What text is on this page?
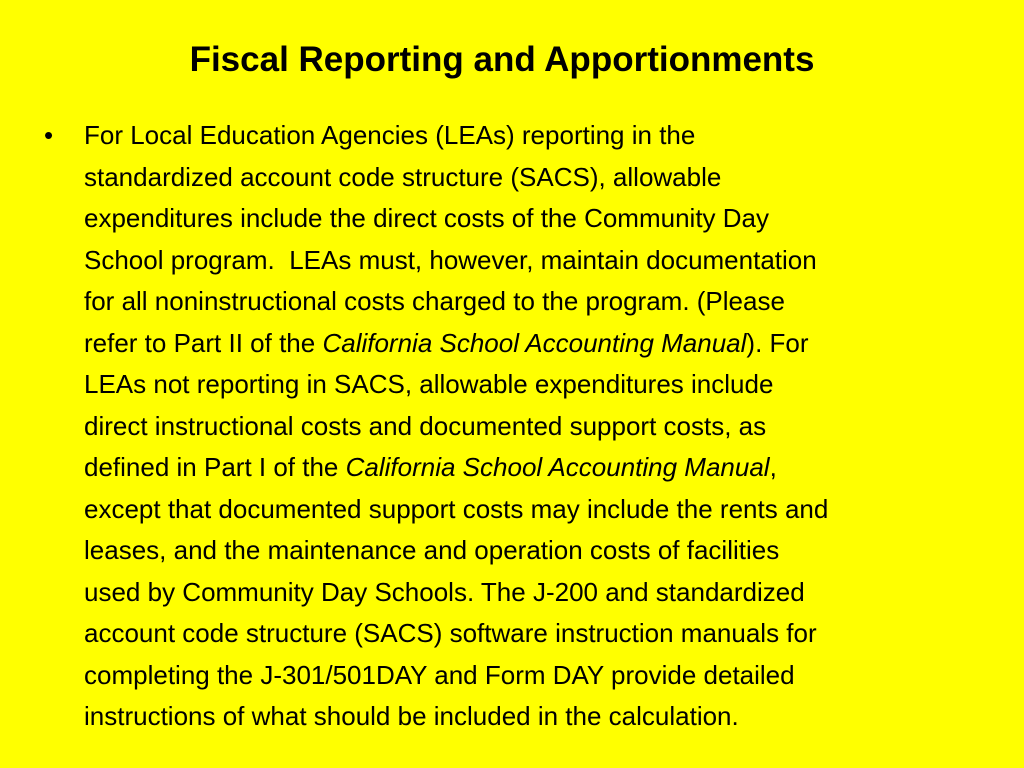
Fiscal Reporting and Apportionments
• For Local Education Agencies (LEAs) reporting in the
standardized account code structure (SACS), allowable
expenditures include the direct costs of the Community Day
School program.  LEAs must, however, maintain documentation
for all noninstructional costs charged to the program. (Please
refer to Part II of the California School Accounting Manual). For
LEAs not reporting in SACS, allowable expenditures include
direct instructional costs and documented support costs, as
defined in Part I of the California School Accounting Manual,
except that documented support costs may include the rents and
leases, and the maintenance and operation costs of facilities
used by Community Day Schools. The J-200 and standardized
account code structure (SACS) software instruction manuals for
completing the J-301/501DAY and Form DAY provide detailed
instructions of what should be included in the calculation.
